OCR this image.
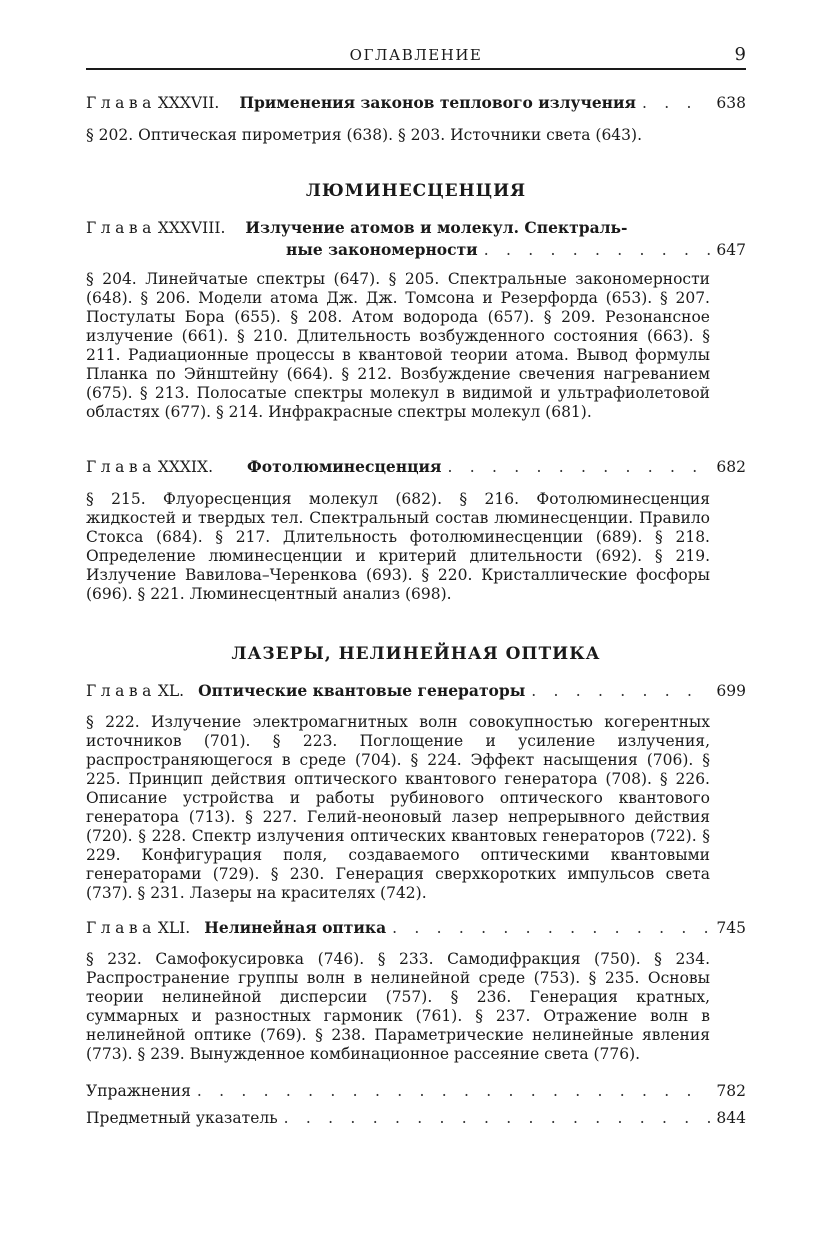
ОГЛАВЛЕНИЕ	9
Глава XXXVII. Применения законов теплового излучения . . .	638

§ 202. Оптическая пирометрия (638). § 203. Источники света (643).

ЛЮМИНЕСЦЕНЦИЯ
Глава XXXVIII. Излучение атомов и молекул. Спектраль-
ные закономерности . . .	647

§ 204. Линейчатые спектры (647). § 205. Спектральные закономерности (648). § 206. Модели атома Дж. Дж. Томсона и Резерфорда (653). § 207. Постулаты Бора (655). § 208. Атом водорода (657). § 209. Резонансное излучение (661). § 210. Длительность возбужденного состояния (663). § 211. Радиационные процессы в квантовой теории атома. Вывод формулы Планка по Эйнштейну (664). § 212. Возбуждение свечения нагреванием (675). § 213. Полосатые спектры молекул в видимой и ультрафиолетовой областях (677). § 214. Инфракрасные спектры молекул (681).

Глава XXXIX. Фотолюминесценция . . .	682

§ 215. Флуоресценция молекул (682). § 216. Фотолюминесценция жидкостей и твердых тел. Спектральный состав люминесценции. Правило Стокса (684). § 217. Длительность фотолюминесценции (689). § 218. Определение люминесценции и критерий длительности (692). § 219. Излучение Вавилова–Черенкова (693). § 220. Кристаллические фосфоры (696). § 221. Люминесцентный анализ (698).

ЛАЗЕРЫ, НЕЛИНЕЙНАЯ ОПТИКА
Глава XL. Оптические квантовые генераторы . . .	699

§ 222. Излучение электромагнитных волн совокупностью когерентных источников (701). § 223. Поглощение и усиление излучения, распространяющегося в среде (704). § 224. Эффект насыщения (706). § 225. Принцип действия оптического квантового генератора (708). § 226. Описание устройства и работы рубинового оптического квантового генератора (713). § 227. Гелий-неоновый лазер непрерывного действия (720). § 228. Спектр излучения оптических квантовых генераторов (722). § 229. Конфигурация поля, создаваемого оптическими квантовыми генераторами (729). § 230. Генерация сверхкоротких импульсов света (737). § 231. Лазеры на красителях (742).

Глава XLI. Нелинейная оптика . . .	745

§ 232. Самофокусировка (746). § 233. Самодифракция (750). § 234. Распространение группы волн в нелинейной среде (753). § 235. Основы теории нелинейной дисперсии (757). § 236. Генерация кратных, суммарных и разностных гармоник (761). § 237. Отражение волн в нелинейной оптике (769). § 238. Параметрические нелинейные явления (773). § 239. Вынужденное комбинационное рассеяние света (776).

Упражнения . . .	782
Предметный указатель . . .	844
